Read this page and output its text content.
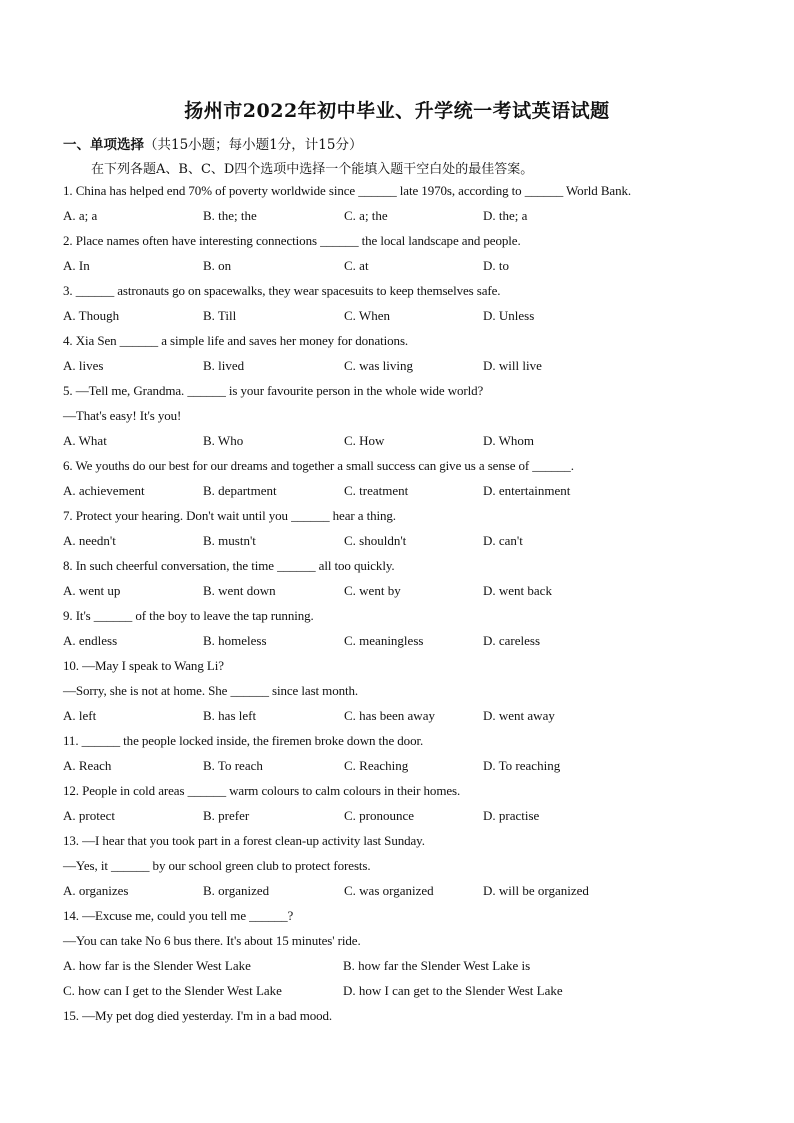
扬州市2022年初中毕业、升学统一考试英语试题
一、单项选择（共15小题；每小题1分，计15分）
在下列各题A、B、C、D四个选项中选择一个能填入题干空白处的最佳答案。
1. China has helped end 70% of poverty worldwide since ______ late 1970s, according to ______ World Bank.
A. a; a	B. the; the	C. a; the	D. the; a
2. Place names often have interesting connections ______ the local landscape and people.
A. In	B. on	C. at	D. to
3. ______ astronauts go on spacewalks, they wear spacesuits to keep themselves safe.
A. Though	B. Till	C. When	D. Unless
4. Xia Sen ______ a simple life and saves her money for donations.
A. lives	B. lived	C. was living	D. will live
5. —Tell me, Grandma. ______ is your favourite person in the whole wide world?
—That's easy! It's you!
A. What	B. Who	C. How	D. Whom
6. We youths do our best for our dreams and together a small success can give us a sense of ______.
A. achievement	B. department	C. treatment	D. entertainment
7. Protect your hearing. Don't wait until you ______ hear a thing.
A. needn't	B. mustn't	C. shouldn't	D. can't
8. In such cheerful conversation, the time ______ all too quickly.
A. went up	B. went down	C. went by	D. went back
9. It's ______ of the boy to leave the tap running.
A. endless	B. homeless	C. meaningless	D. careless
10. —May I speak to Wang Li?
—Sorry, she is not at home. She ______ since last month.
A. left	B. has left	C. has been away	D. went away
11. ______ the people locked inside, the firemen broke down the door.
A. Reach	B. To reach	C. Reaching	D. To reaching
12. People in cold areas ______ warm colours to calm colours in their homes.
A. protect	B. prefer	C. pronounce	D. practise
13. —I hear that you took part in a forest clean-up activity last Sunday.
—Yes, it ______ by our school green club to protect forests.
A. organizes	B. organized	C. was organized	D. will be organized
14. —Excuse me, could you tell me ______?
—You can take No 6 bus there. It's about 15 minutes' ride.
A. how far is the Slender West Lake	B. how far the Slender West Lake is
C. how can I get to the Slender West Lake	D. how I can get to the Slender West Lake
15. —My pet dog died yesterday. I'm in a bad mood.
